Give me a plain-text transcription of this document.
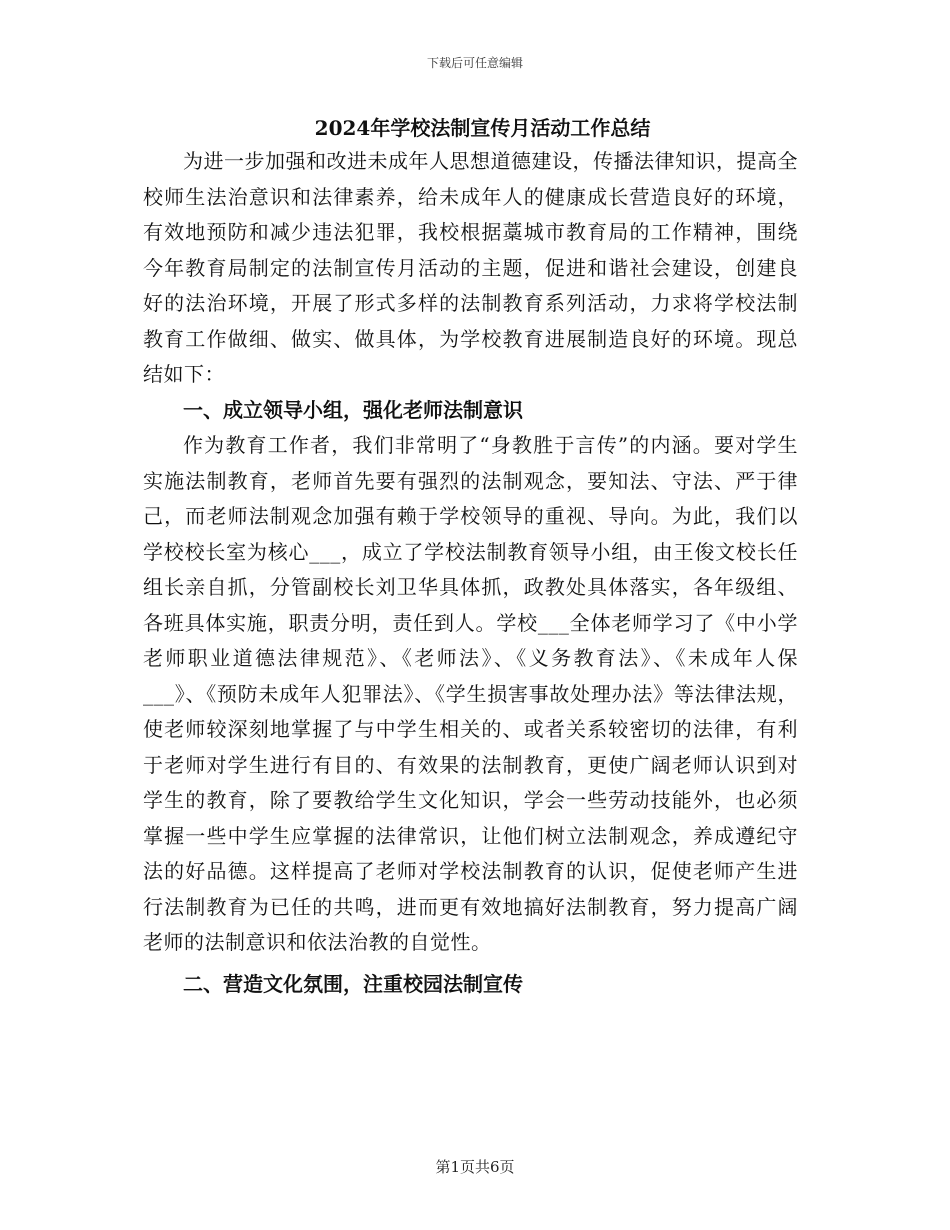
下载后可任意编辑
2024年学校法制宣传月活动工作总结

为进一步加强和改进未成年人思想道德建设，传播法律知识，提高全校师生法治意识和法律素养，给未成年人的健康成长营造良好的环境，有效地预防和减少违法犯罪，我校根据藁城市教育局的工作精神，围绕今年教育局制定的法制宣传月活动的主题，促进和谐社会建设，创建良好的法治环境，开展了形式多样的法制教育系列活动，力求将学校法制教育工作做细、做实、做具体，为学校教育进展制造良好的环境。现总结如下：

一、成立领导小组，强化老师法制意识

作为教育工作者，我们非常明了“身教胜于言传”的内涵。要对学生实施法制教育，老师首先要有强烈的法制观念，要知法、守法、严于律己，而老师法制观念加强有赖于学校领导的重视、导向。为此，我们以学校校长室为核心___，成立了学校法制教育领导小组，由王俊文校长任组长亲自抓，分管副校长刘卫华具体抓，政教处具体落实，各年级组、各班具体实施，职责分明，责任到人。学校___全体老师学习了《中小学老师职业道德法律规范》、《老师法》、《义务教育法》、《未成年人保___》、《预防未成年人犯罪法》、《学生损害事故处理办法》等法律法规，使老师较深刻地掌握了与中学生相关的、或者关系较密切的法律，有利于老师对学生进行有目的、有效果的法制教育，更使广阔老师认识到对学生的教育，除了要教给学生文化知识，学会一些劳动技能外，也必须掌握一些中学生应掌握的法律常识，让他们树立法制观念，养成遵纪守法的好品德。这样提高了老师对学校法制教育的认识，促使老师产生进行法制教育为已任的共鸣，进而更有效地搞好法制教育，努力提高广阔老师的法制意识和依法治教的自觉性。

二、营造文化氛围，注重校园法制宣传

第1页共6页
